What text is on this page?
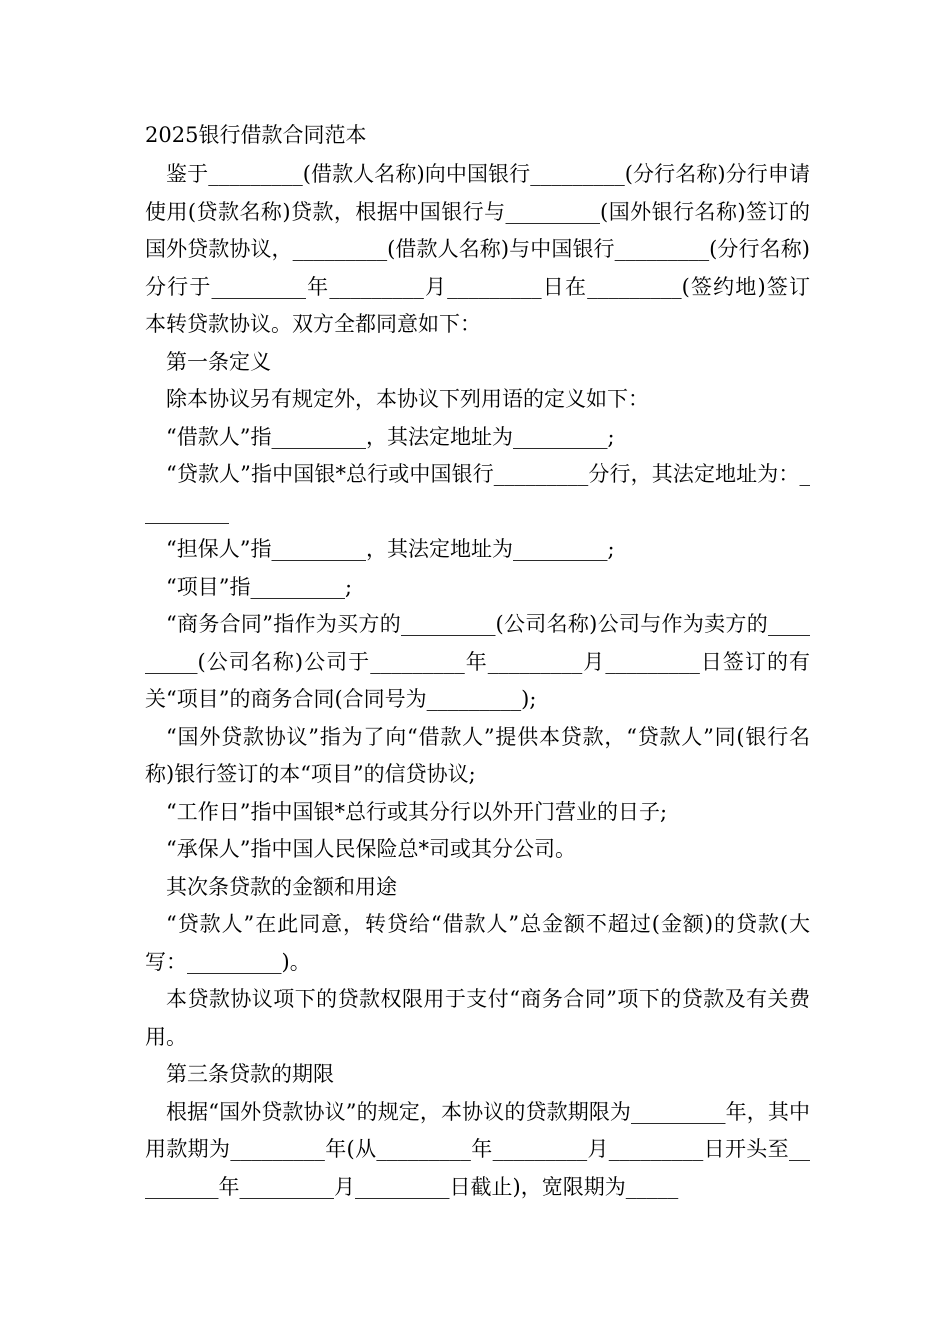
2025银行借款合同范本

鉴于_________(借款人名称)向中国银行_________(分行名称)分行申请使用(贷款名称)贷款，根据中国银行与_________(国外银行名称)签订的国外贷款协议，_________(借款人名称)与中国银行_________(分行名称)分行于_________年_________月_________日在_________(签约地)签订本转贷款协议。双方全都同意如下：

第一条定义

除本协议另有规定外，本协议下列用语的定义如下：

“借款人”指_________，其法定地址为_________;

“贷款人”指中国银*总行或中国银行_________分行，其法定地址为：_________

“担保人”指_________，其法定地址为_________;

“项目”指_________;

“商务合同”指作为买方的_________(公司名称)公司与作为卖方的_________(公司名称)公司于_________年_________月_________日签订的有关“项目”的商务合同(合同号为_________);

“国外贷款协议”指为了向“借款人”提供本贷款，“贷款人”同(银行名称)银行签订的本“项目”的信贷协议;

“工作日”指中国银*总行或其分行以外开门营业的日子;

“承保人”指中国人民保险总*司或其分公司。

其次条贷款的金额和用途

“贷款人”在此同意，转贷给“借款人”总金额不超过(金额)的贷款(大写：_________)。

本贷款协议项下的贷款权限用于支付“商务合同”项下的贷款及有关费用。

第三条贷款的期限

根据“国外贷款协议”的规定，本协议的贷款期限为_________年，其中用款期为_________年(从_________年_________月_________日开头至_________年_________月_________日截止)，宽限期为_____
